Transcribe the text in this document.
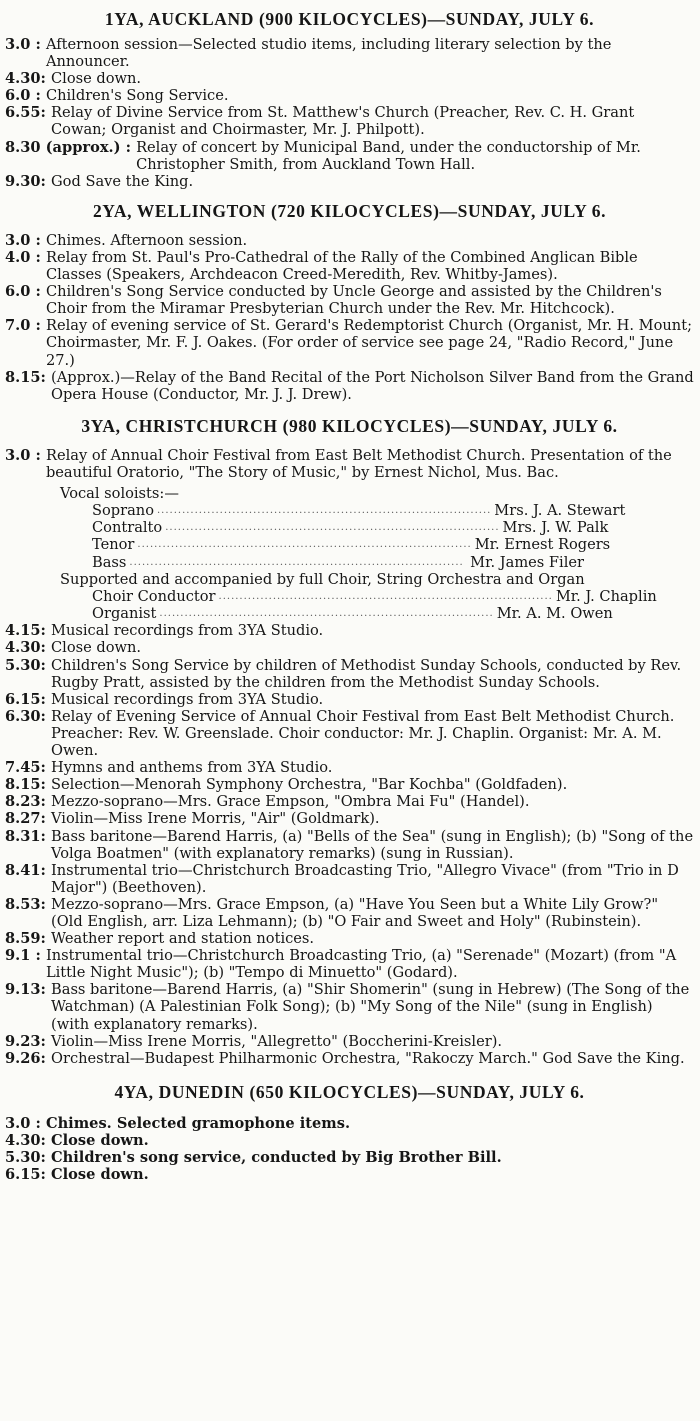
1YA, AUCKLAND (900 KILOCYCLES)—SUNDAY, JULY 6.
3.0 : Afternoon session—Selected studio items, including literary selection by the Announcer.
4.30: Close down.
6.0 : Children's Song Service.
6.55: Relay of Divine Service from St. Matthew's Church (Preacher, Rev. C. H. Grant Cowan; Organist and Choirmaster, Mr. J. Philpott).
8.30 (approx.) : Relay of concert by Municipal Band, under the conductorship of Mr. Christopher Smith, from Auckland Town Hall.
9.30: God Save the King.
2YA, WELLINGTON (720 KILOCYCLES)—SUNDAY, JULY 6.
3.0 : Chimes. Afternoon session.
4.0 : Relay from St. Paul's Pro-Cathedral of the Rally of the Combined Anglican Bible Classes (Speakers, Archdeacon Creed-Meredith, Rev. Whitby-James).
6.0 : Children's Song Service conducted by Uncle George and assisted by the Children's Choir from the Miramar Presbyterian Church under the Rev. Mr. Hitchcock).
7.0 : Relay of evening service of St. Gerard's Redemptorist Church (Organist, Mr. H. Mount; Choirmaster, Mr. F. J. Oakes. (For order of service see page 24, "Radio Record," June 27.)
8.15: (Approx.)—Relay of the Band Recital of the Port Nicholson Silver Band from the Grand Opera House (Conductor, Mr. J. J. Drew).
3YA, CHRISTCHURCH (980 KILOCYCLES)—SUNDAY, JULY 6.
3.0 : Relay of Annual Choir Festival from East Belt Methodist Church. Presentation of the beautiful Oratorio, "The Story of Music," by Ernest Nichol, Mus. Bac.
Vocal soloists:—
Soprano ................................................................................ Mrs. J. A. Stewart
Contralto ................................................................................ Mrs. J. W. Palk
Tenor ................................................................................ Mr. Ernest Rogers
Bass ................................................................................ Mr. James Filer
Supported and accompanied by full Choir, String Orchestra and Organ
Choir Conductor ................................................................................ Mr. J. Chaplin
Organist ................................................................................ Mr. A. M. Owen
4.15: Musical recordings from 3YA Studio.
4.30: Close down.
5.30: Children's Song Service by children of Methodist Sunday Schools, conducted by Rev. Rugby Pratt, assisted by the children from the Methodist Sunday Schools.
6.15: Musical recordings from 3YA Studio.
6.30: Relay of Evening Service of Annual Choir Festival from East Belt Methodist Church. Preacher: Rev. W. Greenslade. Choir conductor: Mr. J. Chaplin. Organist: Mr. A. M. Owen.
7.45: Hymns and anthems from 3YA Studio.
8.15: Selection—Menorah Symphony Orchestra, "Bar Kochba" (Goldfaden).
8.23: Mezzo-soprano—Mrs. Grace Empson, "Ombra Mai Fu" (Handel).
8.27: Violin—Miss Irene Morris, "Air" (Goldmark).
8.31: Bass baritone—Barend Harris, (a) "Bells of the Sea" (sung in English); (b) "Song of the Volga Boatmen" (with explanatory remarks) (sung in Russian).
8.41: Instrumental trio—Christchurch Broadcasting Trio, "Allegro Vivace" (from "Trio in D Major") (Beethoven).
8.53: Mezzo-soprano—Mrs. Grace Empson, (a) "Have You Seen but a White Lily Grow?" (Old English, arr. Liza Lehmann); (b) "O Fair and Sweet and Holy" (Rubinstein).
8.59: Weather report and station notices.
9.1 : Instrumental trio—Christchurch Broadcasting Trio, (a) "Serenade" (Mozart) (from "A Little Night Music"); (b) "Tempo di Minuetto" (Godard).
9.13: Bass baritone—Barend Harris, (a) "Shir Shomerin" (sung in Hebrew) (The Song of the Watchman) (A Palestinian Folk Song); (b) "My Song of the Nile" (sung in English) (with explanatory remarks).
9.23: Violin—Miss Irene Morris, "Allegretto" (Boccherini-Kreisler).
9.26: Orchestral—Budapest Philharmonic Orchestra, "Rakoczy March." God Save the King.
4YA, DUNEDIN (650 KILOCYCLES)—SUNDAY, JULY 6.
3.0 : Chimes. Selected gramophone items.
4.30: Close down.
5.30: Children's song service, conducted by Big Brother Bill.
6.15: Close down.
